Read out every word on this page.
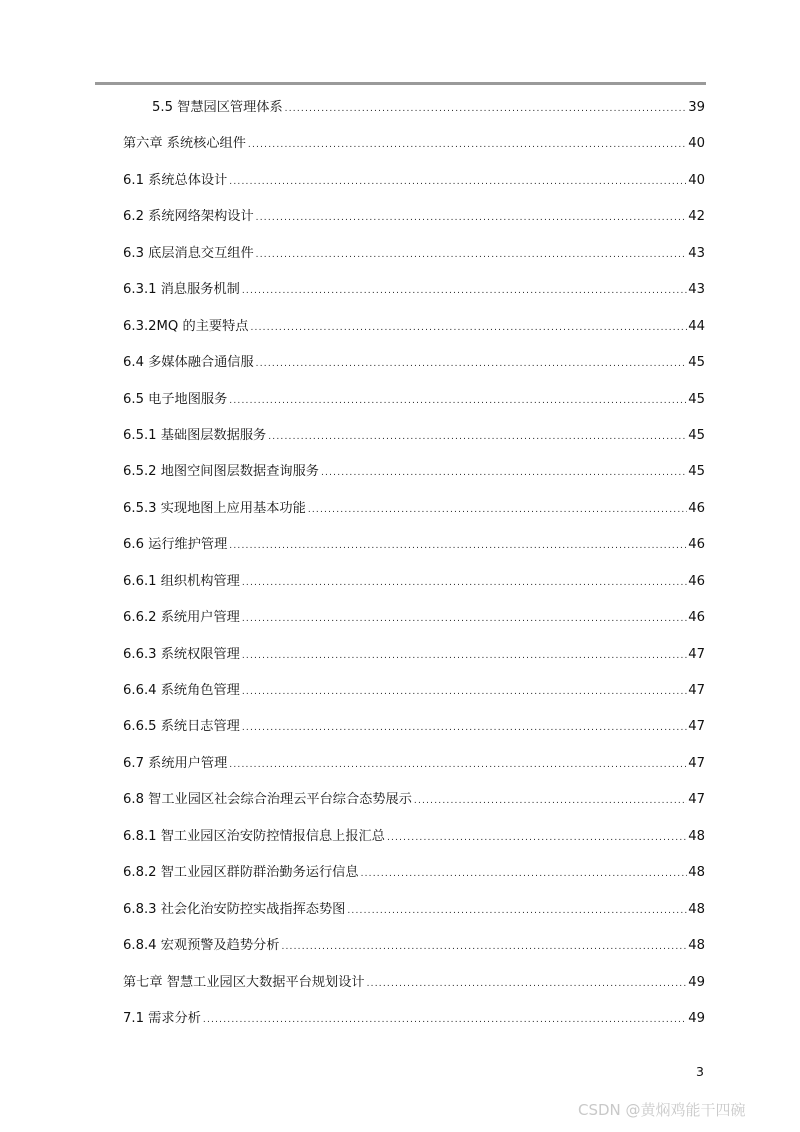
5.5 智慧园区管理体系 .....	39
第六章 系统核心组件 .....	40
6.1 系统总体设计 .....	40
6.2 系统网络架构设计 .....	42
6.3 底层消息交互组件 .....	43
6.3.1 消息服务机制 .....	43
6.3.2MQ 的主要特点 .....	44
6.4 多媒体融合通信服 .....	45
6.5 电子地图服务 .....	45
6.5.1 基础图层数据服务 .....	45
6.5.2 地图空间图层数据查询服务 .....	45
6.5.3 实现地图上应用基本功能 .....	46
6.6 运行维护管理 .....	46
6.6.1 组织机构管理 .....	46
6.6.2 系统用户管理 .....	46
6.6.3 系统权限管理 .....	47
6.6.4 系统角色管理 .....	47
6.6.5 系统日志管理 .....	47
6.7 系统用户管理 .....	47
6.8 智工业园区社会综合治理云平台综合态势展示 .....	47
6.8.1 智工业园区治安防控情报信息上报汇总 .....	48
6.8.2 智工业园区群防群治勤务运行信息 .....	48
6.8.3 社会化治安防控实战指挥态势图 .....	48
6.8.4 宏观预警及趋势分析 .....	48
第七章 智慧工业园区大数据平台规划设计 .....	49
7.1 需求分析 .....	49
3
CSDN @黄焖鸡能干四碗
